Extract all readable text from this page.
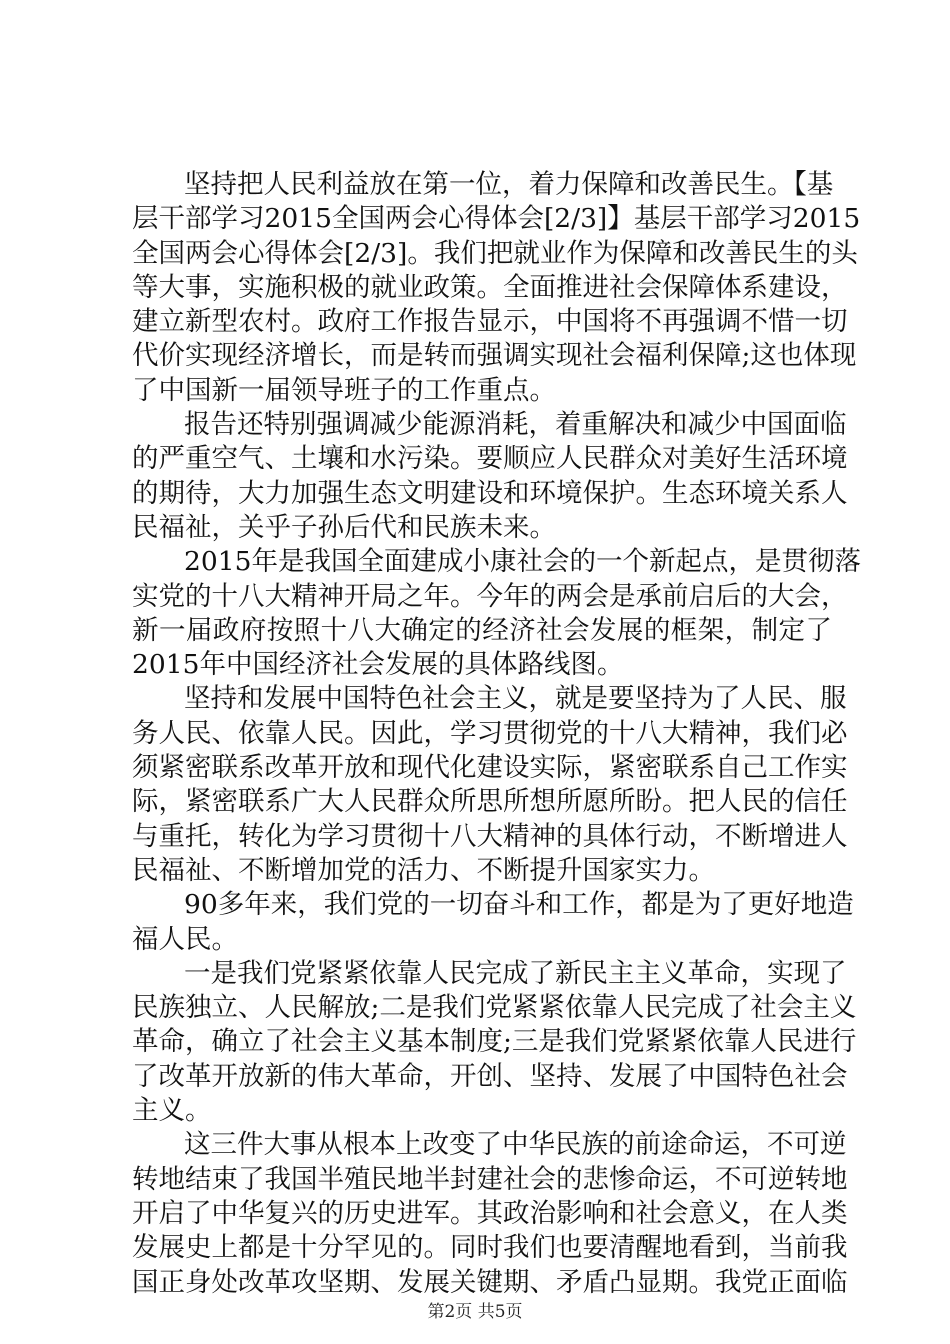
坚持把人民利益放在第一位，着力保障和改善民生。【基
层干部学习2015全国两会心得体会[2/3]】基层干部学习2015
全国两会心得体会[2/3]。我们把就业作为保障和改善民生的头
等大事，实施积极的就业政策。全面推进社会保障体系建设，
建立新型农村。政府工作报告显示，中国将不再强调不惜一切
代价实现经济增长，而是转而强调实现社会福利保障;这也体现
了中国新一届领导班子的工作重点。
报告还特别强调减少能源消耗，着重解决和减少中国面临
的严重空气、土壤和水污染。要顺应人民群众对美好生活环境
的期待，大力加强生态文明建设和环境保护。生态环境关系人
民福祉，关乎子孙后代和民族未来。
2015年是我国全面建成小康社会的一个新起点，是贯彻落
实党的十八大精神开局之年。今年的两会是承前启后的大会，
新一届政府按照十八大确定的经济社会发展的框架，制定了
2015年中国经济社会发展的具体路线图。
坚持和发展中国特色社会主义，就是要坚持为了人民、服
务人民、依靠人民。因此，学习贯彻党的十八大精神，我们必
须紧密联系改革开放和现代化建设实际，紧密联系自己工作实
际，紧密联系广大人民群众所思所想所愿所盼。把人民的信任
与重托，转化为学习贯彻十八大精神的具体行动，不断增进人
民福祉、不断增加党的活力、不断提升国家实力。
90多年来，我们党的一切奋斗和工作，都是为了更好地造
福人民。
一是我们党紧紧依靠人民完成了新民主主义革命，实现了
民族独立、人民解放;二是我们党紧紧依靠人民完成了社会主义
革命，确立了社会主义基本制度;三是我们党紧紧依靠人民进行
了改革开放新的伟大革命，开创、坚持、发展了中国特色社会
主义。
这三件大事从根本上改变了中华民族的前途命运，不可逆
转地结束了我国半殖民地半封建社会的悲惨命运，不可逆转地
开启了中华复兴的历史进军。其政治影响和社会意义，在人类
发展史上都是十分罕见的。同时我们也要清醒地看到，当前我
国正身处改革攻坚期、发展关键期、矛盾凸显期。我党正面临
第2页 共5页
